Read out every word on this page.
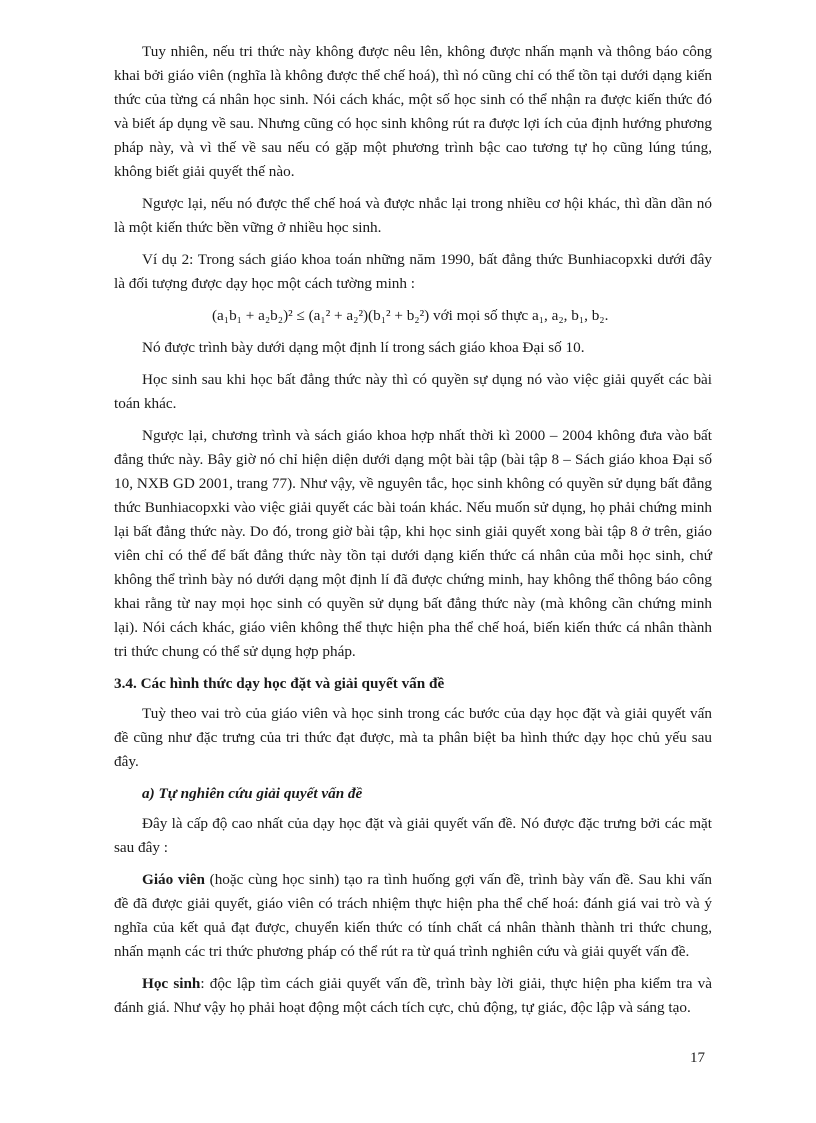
Tuy nhiên, nếu tri thức này không được nêu lên, không được nhấn mạnh và thông báo công khai bởi giáo viên (nghĩa là không được thể chế hoá), thì nó cũng chỉ có thể tồn tại dưới dạng kiến thức của từng cá nhân học sinh. Nói cách khác, một số học sinh có thể nhận ra được kiến thức đó và biết áp dụng về sau. Nhưng cũng có học sinh không rút ra được lợi ích của định hướng phương pháp này, và vì thế về sau nếu có gặp một phương trình bậc cao tương tự họ cũng lúng túng, không biết giải quyết thế nào.

Ngược lại, nếu nó được thể chế hoá và được nhắc lại trong nhiều cơ hội khác, thì dần dần nó là một kiến thức bền vững ở nhiều học sinh.

Ví dụ 2: Trong sách giáo khoa toán những năm 1990, bất đẳng thức Bunhiacopxki dưới đây là đối tượng được dạy học một cách tường minh :

(a₁b₁ + a₂b₂)² ≤ (a₁² + a₂²)(b₁² + b₂²) với mọi số thực a₁, a₂, b₁, b₂.

Nó được trình bày dưới dạng một định lí trong sách giáo khoa Đại số 10.

Học sinh sau khi học bất đẳng thức này thì có quyền sự dụng nó vào việc giải quyết các bài toán khác.

Ngược lại, chương trình và sách giáo khoa hợp nhất thời kì 2000 – 2004 không đưa vào bất đẳng thức này. Bây giờ nó chỉ hiện diện dưới dạng một bài tập (bài tập 8 – Sách giáo khoa Đại số 10, NXB GD 2001, trang 77). Như vậy, về nguyên tắc, học sinh không có quyền sử dụng bất đẳng thức Bunhiacopxki vào việc giải quyết các bài toán khác. Nếu muốn sử dụng, họ phải chứng minh lại bất đẳng thức này. Do đó, trong giờ bài tập, khi học sinh giải quyết xong bài tập 8 ở trên, giáo viên chỉ có thể để bất đẳng thức này tồn tại dưới dạng kiến thức cá nhân của mỗi học sinh, chứ không thể trình bày nó dưới dạng một định lí đã được chứng minh, hay không thể thông báo công khai rằng từ nay mọi học sinh có quyền sử dụng bất đẳng thức này (mà không cần chứng minh lại). Nói cách khác, giáo viên không thể thực hiện pha thể chế hoá, biến kiến thức cá nhân thành tri thức chung có thể sử dụng hợp pháp.

3.4. Các hình thức dạy học đặt và giải quyết vấn đề

Tuỳ theo vai trò của giáo viên và học sinh trong các bước của dạy học đặt và giải quyết vấn đề cũng như đặc trưng của tri thức đạt được, mà ta phân biệt ba hình thức dạy học chủ yếu sau đây.

a) Tự nghiên cứu giải quyết vấn đề

Đây là cấp độ cao nhất của dạy học đặt và giải quyết vấn đề. Nó được đặc trưng bởi các mặt sau đây :

Giáo viên (hoặc cùng học sinh) tạo ra tình huống gợi vấn đề, trình bày vấn đề. Sau khi vấn đề đã được giải quyết, giáo viên có trách nhiệm thực hiện pha thể chế hoá: đánh giá vai trò và ý nghĩa của kết quả đạt được, chuyển kiến thức có tính chất cá nhân thành thành tri thức chung, nhấn mạnh các tri thức phương pháp có thể rút ra từ quá trình nghiên cứu và giải quyết vấn đề.

Học sinh: độc lập tìm cách giải quyết vấn đề, trình bày lời giải, thực hiện pha kiểm tra và đánh giá. Như vậy họ phải hoạt động một cách tích cực, chủ động, tự giác, độc lập và sáng tạo.

17
